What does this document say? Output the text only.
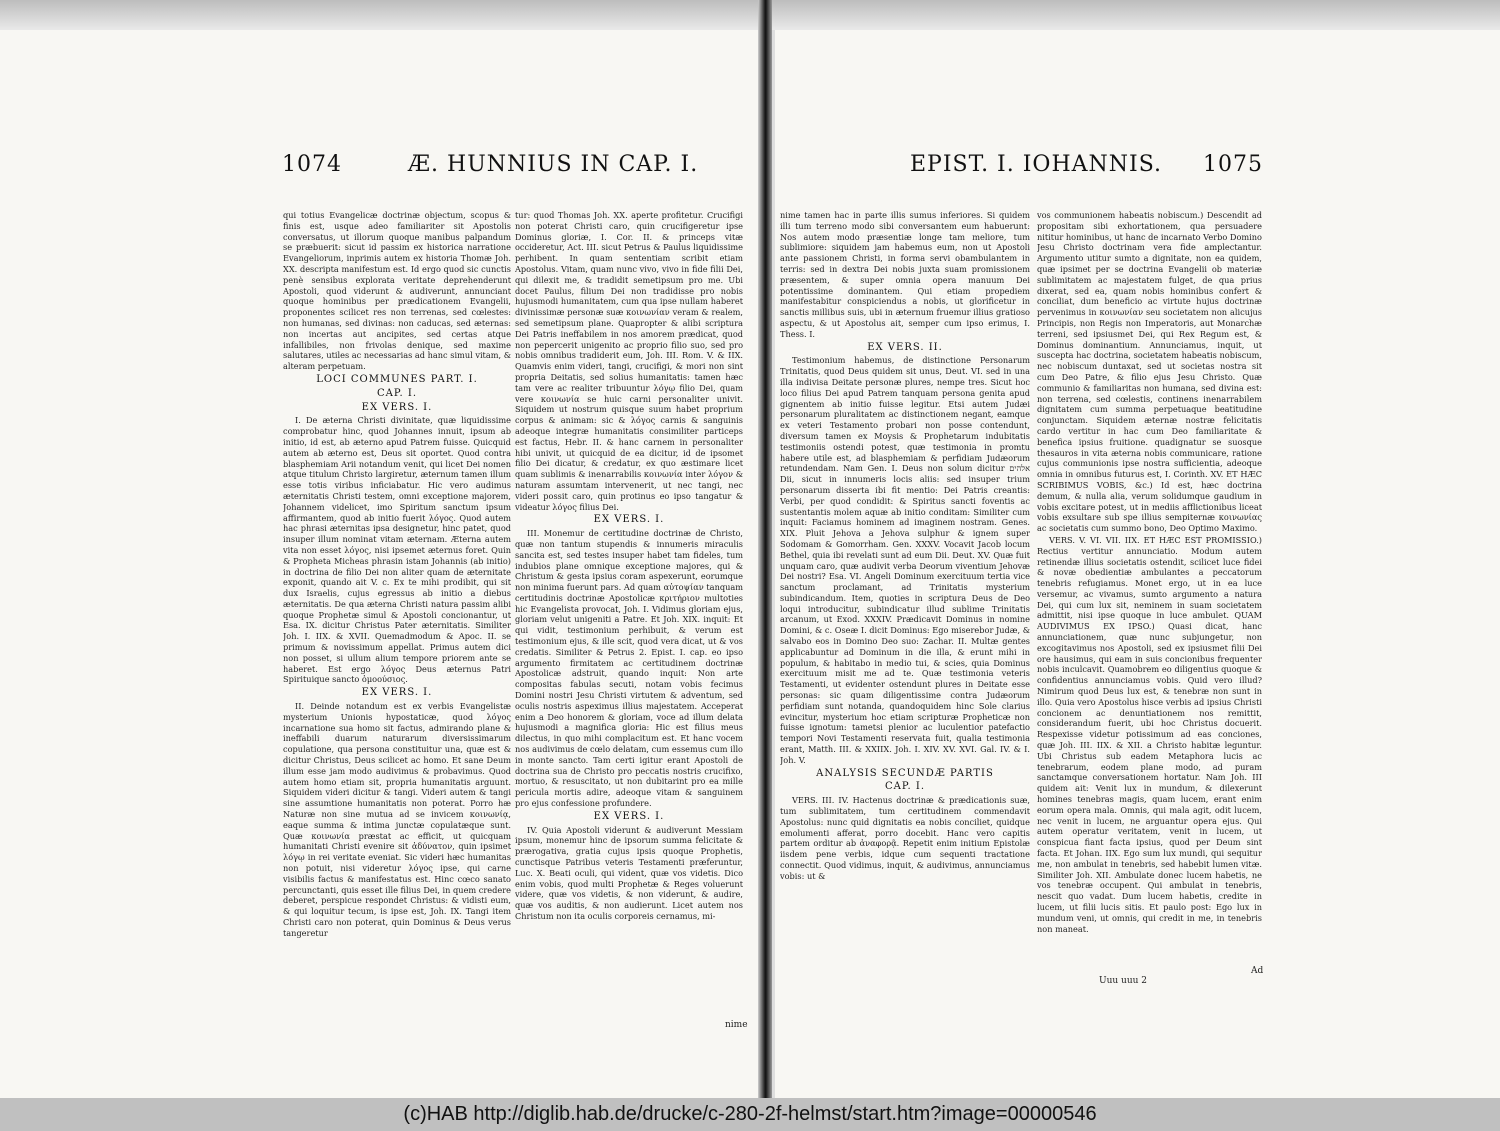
1074	Æ. HUNNIUS IN CAP. I.

qui totius Evangelicæ doctrinæ objectum, scopus & finis est, usque adeo familiariter sit Apostolis conversatus, ut illorum quoque manibus palpandum se præbuerit: sicut id passim ex historica narratione Evangeliorum, inprimis autem ex historia Thomæ Joh. XX. descripta manifestum est. Id ergo quod sic cunctis penè sensibus explorata veritate deprehenderunt Apostoli, quod viderunt & audiverunt, annunciant quoque hominibus per prædicationem Evangelii, proponentes scilicet res non terrenas, sed cœlestes: non humanas, sed divinas: non caducas, sed æternas: non incertas aut ancipites, sed certas atque infallibiles, non frivolas denique, sed maxime salutares, utiles ac necessarias ad hanc simul vitam, & alteram perpetuam.

LOCI COMMUNES PART. I.
CAP. I.
EX VERS. I.

I. De æterna Christi divinitate, quæ liquidissime comprobatur hinc, quod Johannes innuit, ipsum ab initio, id est, ab æterno apud Patrem fuisse. Quicquid autem ab æterno est, Deus sit oportet. Quod contra blasphemiam Arii notandum venit, qui licet Dei nomen atque titulum Christo largiretur, æternum tamen illum esse totis viribus inficiabatur. Hic vero audimus æternitatis Christi testem, omni exceptione majorem, Johannem videlicet, imo Spiritum sanctum ipsum affirmantem, quod ab initio fuerit λόγος. Quod autem hac phrasi æternitas ipsa designetur, hinc patet, quod insuper illum nominat vitam æternam. Æterna autem vita non esset λόγος, nisi ipsemet æternus foret. Quin & Propheta Micheas phrasin istam Johannis (ab initio) in doctrina de filio Dei non aliter quam de æternitate exponit, quando ait V. c. Ex te mihi prodibit, qui sit dux Israelis, cujus egressus ab initio a diebus æternitatis. De qua æterna Christi natura passim alibi quoque Prophetæ simul & Apostoli concionantur, ut Esa. IX. dicitur Christus Pater æternitatis. Similiter Joh. I. IIX. & XVII. Quemadmodum & Apoc. II. se primum & novissimum appellat. Primus autem dici non posset, si ullum alium tempore priorem ante se haberet. Est ergo λόγος Deus æternus Patri Spirituique sancto ὁμοούσιος.

EX VERS. I.

II. Deinde notandum est ex verbis Evangelistæ mysterium Unionis hypostaticæ, quod λόγος incarnatione sua homo sit factus, admirando plane & ineffabili duarum naturarum diversissimarum copulatione, qua persona constituitur una, quæ est & dicitur Christus, Deus scilicet ac homo. Et sane Deum illum esse jam modo audivimus & probavimus. Quod autem homo etiam sit, propria humanitatis arguunt. Siquidem videri dicitur & tangi. Videri autem & tangi sine assumtione humanitatis non poterat. Porro hæ Naturæ non sine mutua ad se invicem κοινωνίᾳ, eaque summa & intima junctæ copulatæque sunt. Quæ κοινωνία præstat ac efficit, ut quicquam humanitati Christi evenire sit ἀδύνατον, quin ipsimet λόγῳ in rei veritate eveniat. Sic videri hæc humanitas non potuit, nisi videretur λόγος ipse, qui carne visibilis factus & manifestatus est. Hinc cœco sanato percunctanti, quis esset ille filius Dei, in quem credere deberet, perspicue respondet Christus: & vidisti eum, & qui loquitur tecum, is ipse est, Joh. IX. Tangi item Christi caro non poterat, quin Dominus & Deus verus tangeretur

tur: quod Thomas Joh. XX. aperte profitetur. Crucifigi non poterat Christi caro, quin crucifigeretur ipse Dominus gloriæ, I. Cor. II. & princeps vitæ occideretur, Act. III. sicut Petrus & Paulus liquidissime perhibent. In quam sententiam scribit etiam Apostolus. Vitam, quam nunc vivo, vivo in fide filii Dei, qui dilexit me, & tradidit semetipsum pro me. Ubi docet Paulus, filium Dei non tradidisse pro nobis hujusmodi humanitatem, cum qua ipse nullam haberet divinissimæ personæ suæ κοινωνίαν veram & realem, sed semetipsum plane. Quapropter & alibi scriptura Dei Patris ineffabilem in nos amorem prædicat, quod non pepercerit unigenito ac proprio filio suo, sed pro nobis omnibus tradiderit eum, Joh. III. Rom. V. & IIX. Quamvis enim videri, tangi, crucifigi, & mori non sint propria Deitatis, sed solius humanitatis: tamen hæc tam vere ac realiter tribuuntur λόγῳ filio Dei, quam vere κοινωνία se huic carni personaliter univit. Siquidem ut nostrum quisque suum habet proprium corpus & animam: sic & λόγος carnis & sanguinis adeoque integræ humanitatis consimiliter particeps est factus, Hebr. II. & hanc carnem in personaliter hibi univit, ut quicquid de ea dicitur, id de ipsomet filio Dei dicatur, & credatur, ex quo æstimare licet quam sublimis & inenarrabilis κοινωνία inter λόγον & naturam assumtam intervenerit, ut nec tangi, nec videri possit caro, quin protinus eo ipso tangatur & videatur λόγος filius Dei.

EX VERS. I.

III. Monemur de certitudine doctrinæ de Christo, quæ non tantum stupendis & innumeris miraculis sancita est, sed testes insuper habet tam fideles, tum indubios plane omnique exceptione majores, qui & Christum & gesta ipsius coram aspexerunt, eorumque non minima fuerunt pars. Ad quam αὐτοψίαν tanquam certitudinis doctrinæ Apostolicæ κριτήριον multoties hic Evangelista provocat, Joh. I. Vidimus gloriam ejus, gloriam velut unigeniti a Patre. Et Joh. XIX. inquit: Et qui vidit, testimonium perhibuit, & verum est testimonium ejus, & ille scit, quod vera dicat, ut & vos credatis. Similiter & Petrus 2. Epist. I. cap. eo ipso argumento firmitatem ac certitudinem doctrinæ Apostolicæ adstruit, quando inquit: Non arte compositas fabulas secuti, notam vobis fecimus Domini nostri Jesu Christi virtutem & adventum, sed oculis nostris aspeximus illius majestatem. Acceperat enim a Deo honorem & gloriam, voce ad illum delata hujusmodi a magnifica gloria: Hic est filius meus dilectus, in quo mihi complacitum est. Et hanc vocem nos audivimus de cœlo delatam, cum essemus cum illo in monte sancto. Tam certi igitur erant Apostoli de doctrina sua de Christo pro peccatis nostris crucifixo, mortuo, & resuscitato, ut non dubitarint pro ea mille pericula mortis adire, adeoque vitam & sanguinem pro ejus confessione profundere.

EX VERS. I.

IV. Quia Apostoli viderunt & audiverunt Messiam ipsum, monemur hinc de ipsorum summa felicitate & prærogativa, gratia cujus ipsis quoque Prophetis, cunctisque Patribus veteris Testamenti præferuntur, Luc. X. Beati oculi, qui vident, quæ vos videtis. Dico enim vobis, quod multi Prophetæ & Reges voluerunt videre, quæ vos videtis, & non viderunt, & audire, quæ vos auditis, & non audierunt. Licet autem nos Christum non ita oculis corporeis cernamus, mi-

nime
EPIST. I. IOHANNIS. 1075

nime tamen hac in parte illis sumus inferiores. Si quidem illi tum terreno modo sibi conversantem eum habuerunt: Nos autem modo præsentiæ longe tam meliore, tum sublimiore: siquidem jam habemus eum, non ut Apostoli ante passionem Christi, in forma servi obambulantem in terris: sed in dextra Dei nobis juxta suam promissionem præsentem, & super omnia opera manuum Dei potentissime dominantem. Qui etiam propediem manifestabitur conspiciendus a nobis, ut glorificetur in sanctis millibus suis, ubi in æternum fruemur illius gratioso aspectu, & ut Apostolus ait, semper cum ipso erimus, I. Thess. I.

EX VERS. II.

Testimonium habemus, de distinctione Personarum Trinitatis, quod Deus quidem sit unus, Deut. VI. sed in una illa indivisa Deitate personæ plures, nempe tres. Sicut hoc loco filius Dei apud Patrem tanquam persona genita apud gignentem ab initio fuisse legitur. Etsi autem Judæi personarum pluralitatem ac distinctionem negant, eamque ex veteri Testamento probari non posse contendunt, diversum tamen ex Moysis & Prophetarum indubitatis testimoniis ostendi potest, quæ testimonia in promtu habere utile est, ad blasphemiam & perfidiam Judæorum retundendam. Nam Gen. I. Deus non solum dicitur אלהים Dii, sicut in innumeris locis aliis: sed insuper trium personarum disserta ibi fit mentio: Dei Patris creantis: Verbi, per quod condidit: & Spiritus sancti foventis ac sustentantis molem aquæ ab initio conditam: Similiter cum inquit: Faciamus hominem ad imaginem nostram. Genes. XIX. Pluit Jehova a Jehova sulphur & ignem super Sodomam & Gomorrham. Gen. XXXV. Vocavit Jacob locum Bethel, quia ibi revelati sunt ad eum Dii. Deut. XV. Quæ fuit unquam caro, quæ audivit verba Deorum viventium Jehovæ Dei nostri? Esa. VI. Angeli Dominum exercituum tertia vice sanctum proclamant, ad Trinitatis mysterium subindicandum. Item, quoties in scriptura Deus de Deo loqui introducitur, subindicatur illud sublime Trinitatis arcanum, ut Exod. XXXIV. Prædicavit Dominus in nomine Domini, & c. Oseæ I. dicit Dominus: Ego miserebor Judæ, & salvabo eos in Domino Deo suo: Zachar. II. Multæ gentes applicabuntur ad Dominum in die illa, & erunt mihi in populum, & habitabo in medio tui, & scies, quia Dominus exercituum misit me ad te. Quæ testimonia veteris Testamenti, ut evidenter ostendunt plures in Deitate esse personas: sic quam diligentissime contra Judæorum perfidiam sunt notanda, quandoquidem hinc Sole clarius evincitur, mysterium hoc etiam scripturæ Propheticæ non fuisse ignotum: tametsi plenior ac luculentior patefactio tempori Novi Testamenti reservata fuit, qualia testimonia erant, Matth. III. & XXIIX. Joh. I. XIV. XV. XVI. Gal. IV. & I. Joh. V.

ANALYSIS SECUNDÆ PARTIS
CAP. I.

VERS. III. IV. Hactenus doctrinæ & prædicationis suæ, tum sublimitatem, tum certitudinem commendavit Apostolus: nunc quid dignitatis ea nobis conciliet, quidque emolumenti afferat, porro docebit. Hanc vero capitis partem orditur ab ἀναφορᾷ. Repetit enim initium Epistolæ iisdem pene verbis, idque cum sequenti tractatione connectit. Quod vidimus, inquit, & audivimus, annunciamus vobis: ut &

vos communionem habeatis nobiscum.) Descendit ad propositam sibi exhortationem, qua persuadere nititur hominibus, ut hanc de incarnato Verbo Domino Jesu Christo doctrinam vera fide amplectantur. Argumento utitur sumto a dignitate, non ea quidem, quæ ipsimet per se doctrina Evangelii ob materiæ sublimitatem ac majestatem fulget, de qua prius dixerat, sed ea, quam nobis hominibus confert & conciliat, dum beneficio ac virtute hujus doctrinæ pervenimus in κοινωνίαν seu societatem non alicujus Principis, non Regis non Imperatoris, aut Monarchæ terreni, sed ipsiusmet Dei, qui Rex Regum est, & Dominus dominantium. Annunciamus, inquit, ut suscepta hac doctrina, societatem habeatis nobiscum, nec nobiscum duntaxat, sed ut societas nostra sit cum Deo Patre, & filio ejus Jesu Christo. Quæ communio & familiaritas non humana, sed divina est: non terrena, sed cœlestis, continens inenarrabilem dignitatem cum summa perpetuaque beatitudine conjunctam. Siquidem æternæ nostræ felicitatis cardo vertitur in hac cum Deo familiaritate & benefica ipsius fruitione. quadignatur se suosque thesauros in vita æterna nobis communicare, ratione cujus communionis ipse nostra sufficientia, adeoque omnia in omnibus futurus est, I. Corinth. XV. ET HÆC SCRIBIMUS VOBIS, &c.) Id est, hæc doctrina demum, & nulla alia, verum solidumque gaudium in vobis excitare potest, ut in mediis afflictionibus liceat vobis exsultare sub spe illius sempiternæ κοινωνίας ac societatis cum summo bono, Deo Optimo Maximo.

VERS. V. VI. VII. IIX. ET HÆC EST PROMISSIO.) Rectius vertitur annunciatio. Modum autem retinendæ illius societatis ostendit, scilicet luce fidei & novæ obedientiæ ambulantes a peccatorum tenebris refugiamus. Monet ergo, ut in ea luce versemur, ac vivamus, sumto argumento a natura Dei, qui cum lux sit, neminem in suam societatem admittit, nisi ipse quoque in luce ambulet. QUAM AUDIVIMUS EX IPSO.) Quasi dicat, hanc annunciationem, quæ nunc subjungetur, non excogitavimus nos Apostoli, sed ex ipsiusmet filii Dei ore hausimus, qui eam in suis concionibus frequenter nobis inculcavit. Quamobrem eo diligentius quoque & confidentius annunciamus vobis. Quid vero illud? Nimirum quod Deus lux est, & tenebræ non sunt in illo. Quia vero Apostolus hisce verbis ad ipsius Christi concionem ac denuntiationem nos remittit, considerandum fuerit, ubi hoc Christus docuerit. Respexisse videtur potissimum ad eas conciones, quæ Joh. III. IIX. & XII. a Christo habitæ leguntur. Ubi Christus sub eadem Metaphora lucis ac tenebrarum, eodem plane modo, ad puram sanctamque conversationem hortatur. Nam Joh. III quidem ait: Venit lux in mundum, & dilexerunt homines tenebras magis, quam lucem, erant enim eorum opera mala. Omnis, qui mala agit, odit lucem, nec venit in lucem, ne arguantur opera ejus. Qui autem operatur veritatem, venit in lucem, ut conspicua fiant facta ipsius, quod per Deum sint facta. Et Johan. IIX. Ego sum lux mundi, qui sequitur me, non ambulat in tenebris, sed habebit lumen vitæ. Similiter Joh. XII. Ambulate donec lucem habetis, ne vos tenebræ occupent. Qui ambulat in tenebris, nescit quo vadat. Dum lucem habetis, credite in lucem, ut filii lucis sitis. Et paulo post: Ego lux in mundum veni, ut omnis, qui credit in me, in tenebris non maneat.

Uuu uuu 2
Ad
(c)HAB http://diglib.hab.de/drucke/c-280-2f-helmst/start.htm?image=00000546
